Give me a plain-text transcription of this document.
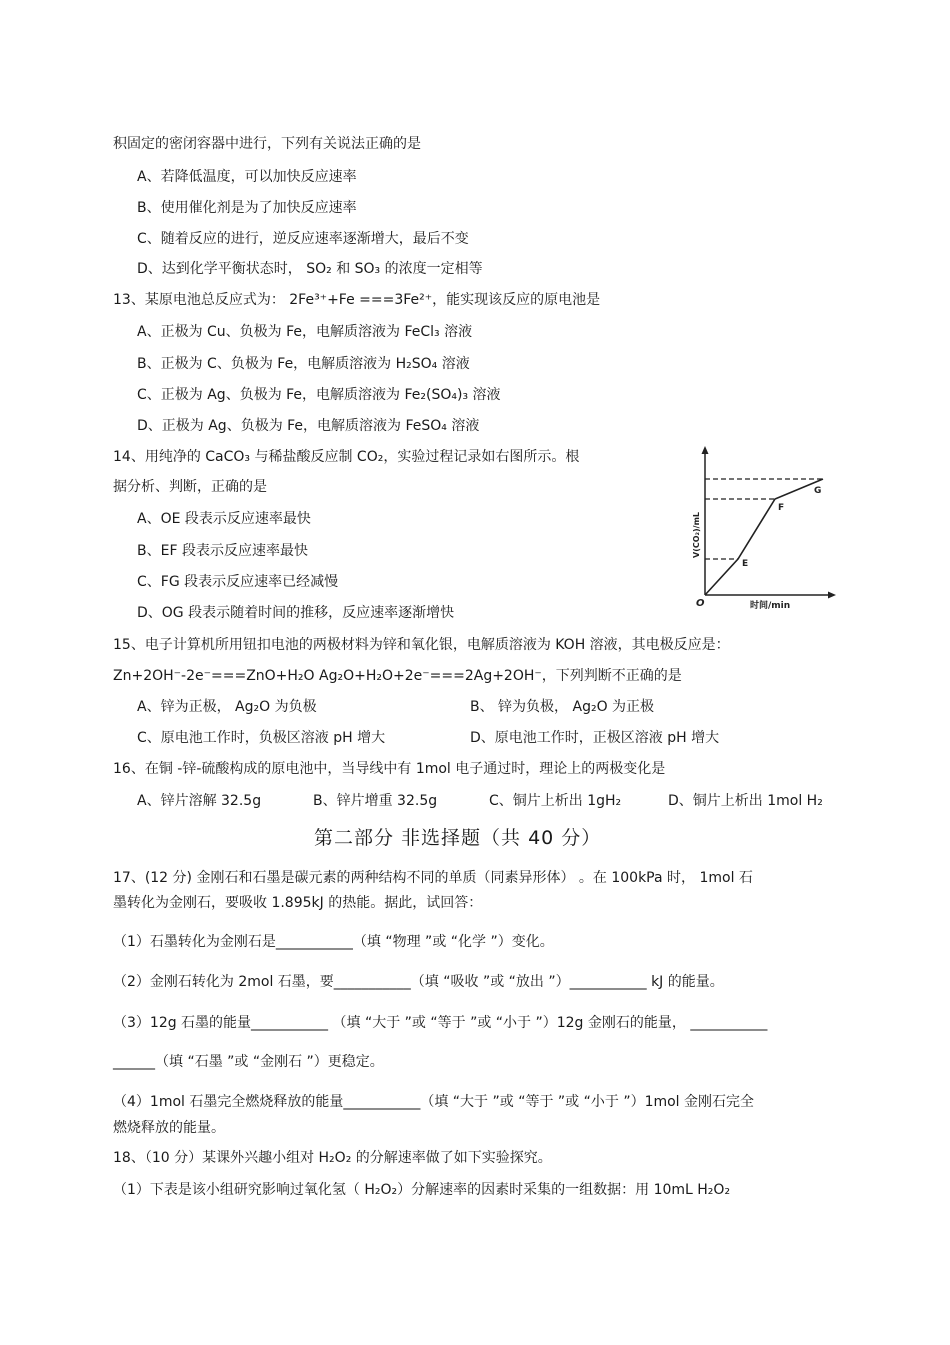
积固定的密闭容器中进行，下列有关说法正确的是
A、若降低温度，可以加快反应速率
B、使用催化剂是为了加快反应速率
C、随着反应的进行，逆反应速率逐渐增大，最后不变
D、达到化学平衡状态时， SO₂ 和 SO₃ 的浓度一定相等
13、某原电池总反应式为： 2Fe³⁺+Fe ===3Fe²⁺，能实现该反应的原电池是
A、正极为 Cu、负极为 Fe，电解质溶液为 FeCl₃ 溶液
B、正极为 C、负极为 Fe，电解质溶液为 H₂SO₄ 溶液
C、正极为 Ag、负极为 Fe，电解质溶液为 Fe₂(SO₄)₃ 溶液
D、正极为 Ag、负极为 Fe，电解质溶液为 FeSO₄ 溶液
14、用纯净的 CaCO₃ 与稀盐酸反应制 CO₂，实验过程记录如右图所示。根
据分析、判断，正确的是
A、OE 段表示反应速率最快
B、EF 段表示反应速率最快
C、FG 段表示反应速率已经减慢
D、OG 段表示随着时间的推移，反应速率逐渐增快
15、电子计算机所用钮扣电池的两极材料为锌和氧化银，电解质溶液为 KOH 溶液，其电极反应是：
Zn+2OH⁻-2e⁻===ZnO+H₂O Ag₂O+H₂O+2e⁻===2Ag+2OH⁻，下列判断不正确的是
A、锌为正极， Ag₂O 为负极	B、 锌为负极， Ag₂O 为正极
C、原电池工作时，负极区溶液 pH 增大	D、原电池工作时，正极区溶液 pH 增大
16、在铜 -锌-硫酸构成的原电池中，当导线中有 1mol 电子通过时，理论上的两极变化是
A、锌片溶解 32.5g	B、锌片增重 32.5g	C、铜片上析出 1gH₂	D、铜片上析出 1mol H₂
第二部分 非选择题（共 40 分）
17、(12 分) 金刚石和石墨是碳元素的两种结构不同的单质（同素异形体） 。在 100kPa 时， 1mol 石
墨转化为金刚石，要吸收 1.895kJ 的热能。据此，试回答：
（1）石墨转化为金刚石是___________（填 “物理 ”或 “化学 ”）变化。
（2）金刚石转化为 2mol 石墨，要___________（填 “吸收 ”或 “放出 ”）___________ kJ 的能量。
（3）12g 石墨的能量___________ （填 “大于 ”或 “等于 ”或 “小于 ”）12g 金刚石的能量， ___________
______（填 “石墨 ”或 “金刚石 ”）更稳定。
（4）1mol 石墨完全燃烧释放的能量___________（填 “大于 ”或 “等于 ”或 “小于 ”）1mol 金刚石完全
燃烧释放的能量。
18、（10 分）某课外兴趣小组对 H₂O₂ 的分解速率做了如下实验探究。
（1）下表是该小组研究影响过氧化氢（ H₂O₂）分解速率的因素时采集的一组数据：用 10mL H₂O₂
O
E
F
G
V(CO₂)/mL
时间/min
